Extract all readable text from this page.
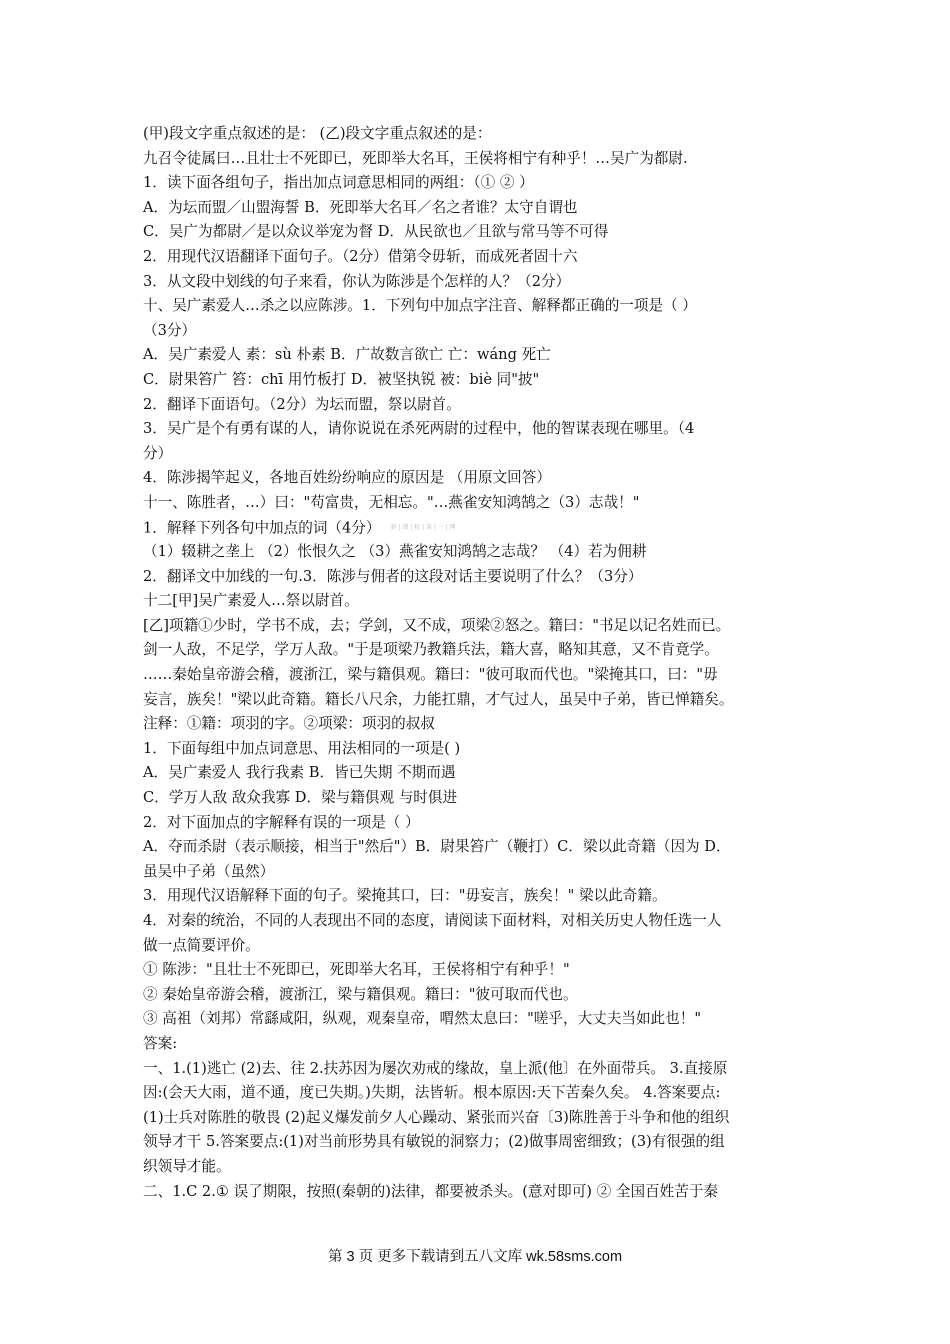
(甲)段文字重点叙述的是： (乙)段文字重点叙述的是：
九召令徒属曰…且壮士不死即已，死即举大名耳，王侯将相宁有种乎！…吴广为都尉.
1．读下面各组句子，指出加点词意思相同的两组：（① ② ）
A．为坛而盟／山盟海誓 B．死即举大名耳／名之者谁？太守自谓也
C．吴广为都尉／是以众议举宠为督 D．从民欲也／且欲与常马等不可得
2．用现代汉语翻译下面句子。（2分）借第令毋斩，而成死者固十六
3．从文段中划线的句子来看，你认为陈涉是个怎样的人？（2分）
十、吴广素爱人…杀之以应陈涉。1．下列句中加点字注音、解释都正确的一项是（ ）
（3分）
A．吴广素爱人 素：sù 朴素 B．广故数言欲亡 亡：wáng 死亡
C．尉果笞广 笞：chī 用竹板打 D．被坚执锐 被：biè 同"披"
2．翻译下面语句。（2分）为坛而盟，祭以尉首。
3．吴广是个有勇有谋的人，请你说说在杀死两尉的过程中，他的智谋表现在哪里。（4
分）
4．陈涉揭竿起义，各地百姓纷纷响应的原因是 （用原文回答）
十一、陈胜者，…）曰："苟富贵，无相忘。"…燕雀安知鸿鹄之（3）志哉！"
1．解释下列各句中加点的词（4分） 新 | 课 | 标 | 第 | 一 | 网
（1）辍耕之垄上 （2）怅恨久之 （3）燕雀安知鸿鹄之志哉？ （4）若为佣耕
2．翻译文中加线的一句.3．陈涉与佣者的这段对话主要说明了什么？（3分）
十二[甲]吴广素爱人…祭以尉首。
[乙]项籍①少时，学书不成，去；学剑，又不成，项梁②怒之。籍曰："书足以记名姓而已。
剑一人敌，不足学，学万人敌。"于是项梁乃教籍兵法，籍大喜，略知其意，又不肯竟学。
……秦始皇帝游会稽，渡浙江，梁与籍俱观。籍曰："彼可取而代也。"梁掩其口，曰："毋
妄言，族矣！"梁以此奇籍。籍长八尺余，力能扛鼎，才气过人，虽吴中子弟，皆已惮籍矣。
注释：①籍：项羽的字。②项梁：项羽的叔叔
1．下面每组中加点词意思、用法相同的一项是( )
A．吴广素爱人 我行我素 B．皆已失期 不期而遇
C．学万人敌 敌众我寡 D．梁与籍俱观 与时俱进
2．对下面加点的字解释有误的一项是（ ）
A．夺而杀尉（表示顺接，相当于"然后"）B．尉果笞广（鞭打）C．梁以此奇籍（因为 D．
虽吴中子弟（虽然）
3．用现代汉语解释下面的句子。梁掩其口，曰："毋妄言，族矣！" 梁以此奇籍。
4．对秦的统治，不同的人表现出不同的态度，请阅读下面材料，对相关历史人物任选一人
做一点简要评价。
① 陈涉："且壮士不死即已，死即举大名耳，王侯将相宁有种乎！"
② 秦始皇帝游会稽，渡浙江，梁与籍俱观。籍曰："彼可取而代也。
③ 高祖（刘邦）常繇咸阳，纵观，观秦皇帝，喟然太息曰："嗟乎，大丈夫当如此也！"
答案:
一、1.(1)逃亡 (2)去、往 2.扶苏因为屡次劝戒的缘故，皇上派(他〕在外面带兵。 3.直接原
因:(会天大雨，道不通，度已失期。)失期，法皆斩。根本原因:天下苦秦久矣。 4.答案要点:
(1)士兵对陈胜的敬畏 (2)起义爆发前夕人心躁动、紧张而兴奋〔3)陈胜善于斗争和他的组织
领导才干 5.答案要点:(1)对当前形势具有敏锐的洞察力；(2)做事周密细致；(3)有很强的组
织领导才能。
二、1.C 2.① 误了期限，按照(秦朝的)法律，都要被杀头。(意对即可) ② 全国百姓苦于秦
第 3 页 更多下载请到五八文库 wk.58sms.com
